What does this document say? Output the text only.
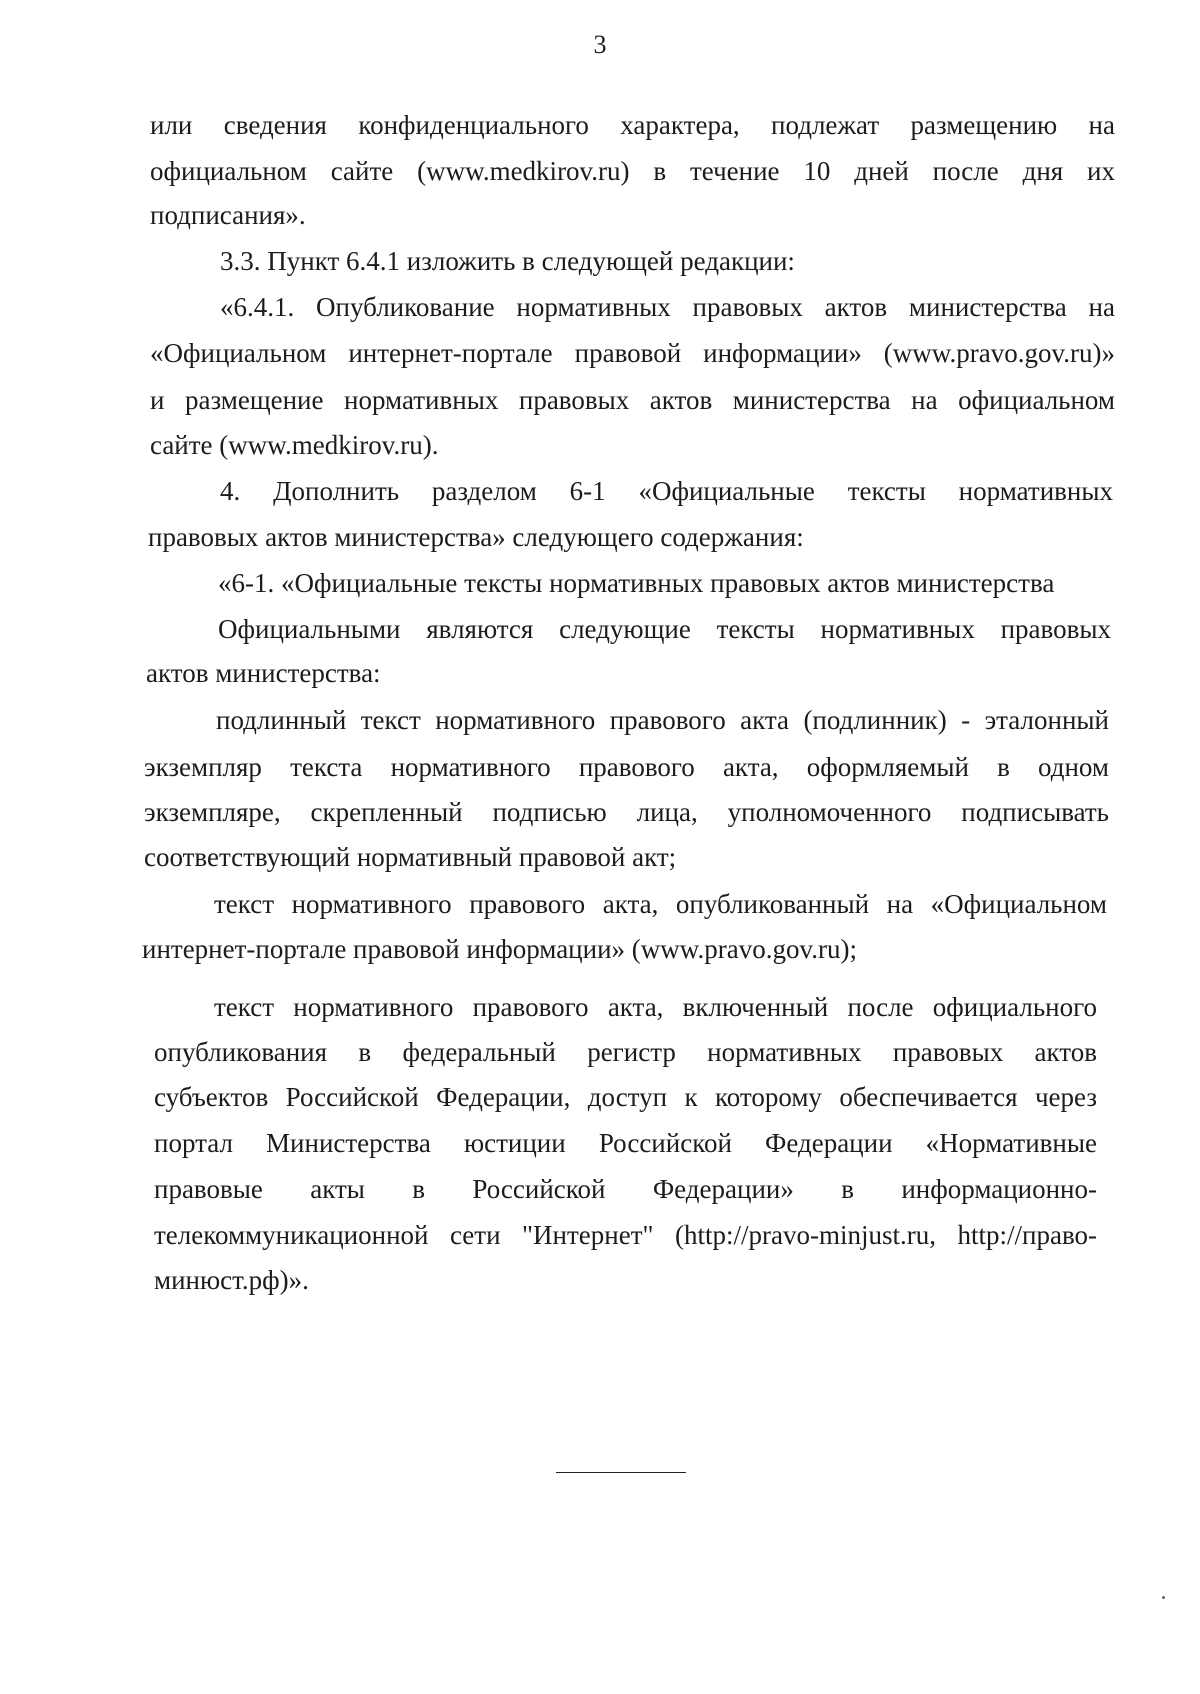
3
или сведения конфиденциального характера, подлежат размещению на
официальном сайте (www.medkirov.ru) в течение 10 дней после дня их
подписания».
3.3. Пункт 6.4.1 изложить в следующей редакции:
«6.4.1. Опубликование нормативных правовых актов министерства на
«Официальном интернет-портале правовой информации» (www.pravo.gov.ru)»
и размещение нормативных правовых актов министерства на официальном
сайте (www.medkirov.ru).
4. Дополнить разделом 6-1 «Официальные тексты нормативных
правовых актов министерства» следующего содержания:
«6-1. «Официальные тексты нормативных правовых актов министерства
Официальными являются следующие тексты нормативных правовых
актов министерства:
подлинный текст нормативного правового акта (подлинник) - эталонный
экземпляр текста нормативного правового акта, оформляемый в одном
экземпляре, скрепленный подписью лица, уполномоченного подписывать
соответствующий нормативный правовой акт;
текст нормативного правового акта, опубликованный на «Официальном
интернет-портале правовой информации» (www.pravo.gov.ru);
текст нормативного правового акта, включенный после официального
опубликования в федеральный регистр нормативных правовых актов
субъектов Российской Федерации, доступ к которому обеспечивается через
портал Министерства юстиции Российской Федерации «Нормативные
правовые акты в Российской Федерации» в информационно-
телекоммуникационной сети "Интернет" (http://pravo-minjust.ru, http://право-
минюст.рф)».
